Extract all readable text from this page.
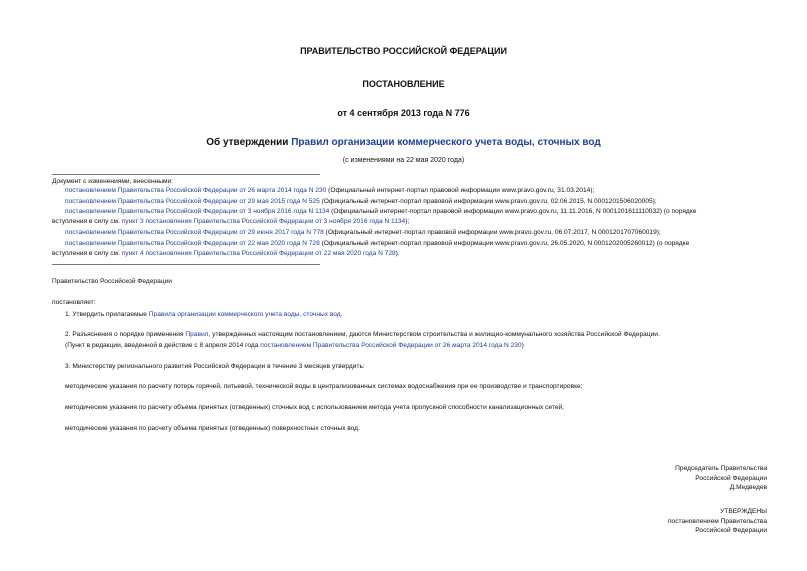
ПРАВИТЕЛЬСТВО РОССИЙСКОЙ ФЕДЕРАЦИИ
ПОСТАНОВЛЕНИЕ
от 4 сентября 2013 года N 776
Об утверждении Правил организации коммерческого учета воды, сточных вод
(с изменениями на 22 мая 2020 года)
Документ с изменениями, внесенными:
постановлением Правительства Российской Федерации от 26 марта 2014 года N 230 (Официальный интернет-портал правовой информации www.pravo.gov.ru, 31.03.2014);
постановлением Правительства Российской Федерации от 29 мая 2015 года N 525 (Официальный интернет-портал правовой информации www.pravo.gov.ru, 02.06.2015, N 0001201506020005);
постановлением Правительства Российской Федерации от 3 ноября 2016 года N 1134 (Официальный интернет-портал правовой информации www.pravo.gov.ru, 11.11.2016, N 0001201611110032) (о порядке
вступления в силу см. пункт 3 постановления Правительства Российской Федерации от 3 ноября 2016 года N 1134);
постановлением Правительства Российской Федерации от 29 июня 2017 года N 778 (Официальный интернет-портал правовой информации www.pravo.gov.ru, 06.07.2017, N 0001201707060019);
постановлением Правительства Российской Федерации от 22 мая 2020 года N 728 (Официальный интернет-портал правовой информации www.pravo.gov.ru, 26.05.2020, N 0001202005260012) (о порядке
вступления в силу см. пункт 4 постановления Правительства Российской Федерации от 22 мая 2020 года N 728).
Правительство Российской Федерации
постановляет:
1. Утвердить прилагаемые Правила организации коммерческого учета воды, сточных вод.
2. Разъяснения о порядке применения Правил, утвержденных настоящим постановлением, даются Министерством строительства и жилищно-коммунального хозяйства Российской Федерации.
(Пункт в редакции, введенной в действие с 8 апреля 2014 года постановлением Правительства Российской Федерации от 26 марта 2014 года N 230)
3. Министерству регионального развития Российской Федерации в течение 3 месяцев утвердить:
методические указания по расчету потерь горячей, питьевой, технической воды в централизованных системах водоснабжения при ее производстве и транспортировке;
методические указания по расчету объема принятых (отведенных) сточных вод с использованием метода учета пропускной способности канализационных сетей;
методические указания по расчету объема принятых (отведенных) поверхностных сточных вод.
Председатель Правительства
Российской Федерации
Д.Медведев
УТВЕРЖДЕНЫ
постановлением Правительства
Российской Федерации
